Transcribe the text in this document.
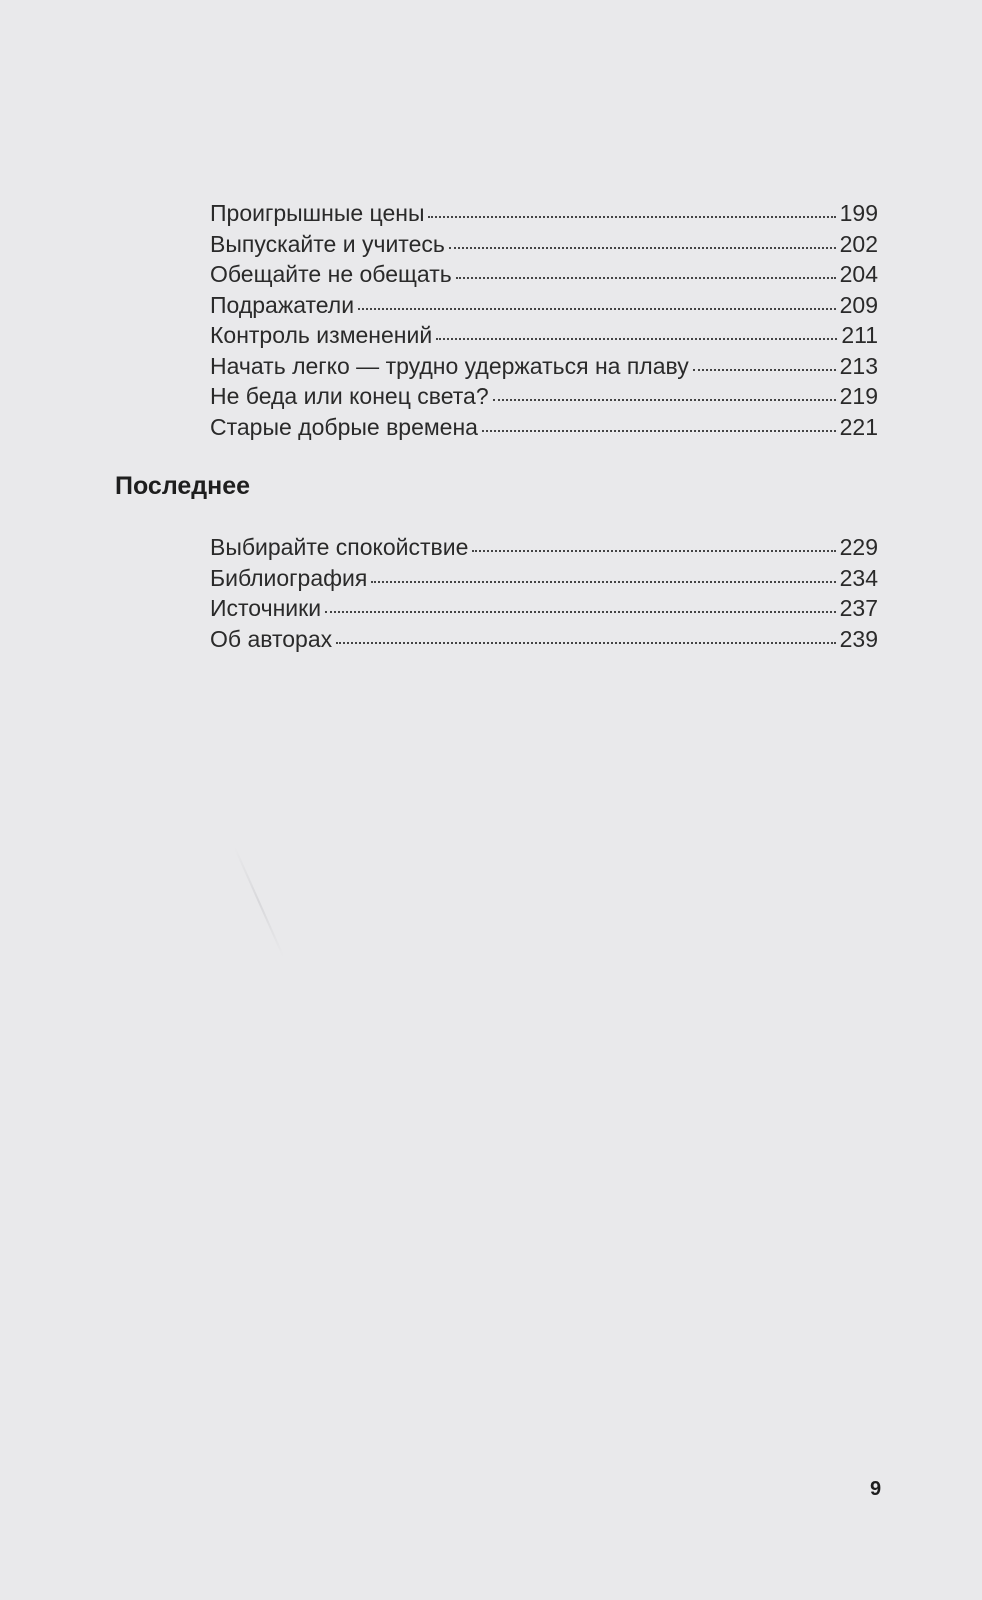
Проигрышные цены	199
Выпускайте и учитесь	202
Обещайте не обещать	204
Подражатели	209
Контроль изменений	211
Начать легко — трудно удержаться на плаву	213
Не беда или конец света?	219
Старые добрые времена	221
Последнее
Выбирайте спокойствие	229
Библиография	234
Источники	237
Об авторах	239
9
